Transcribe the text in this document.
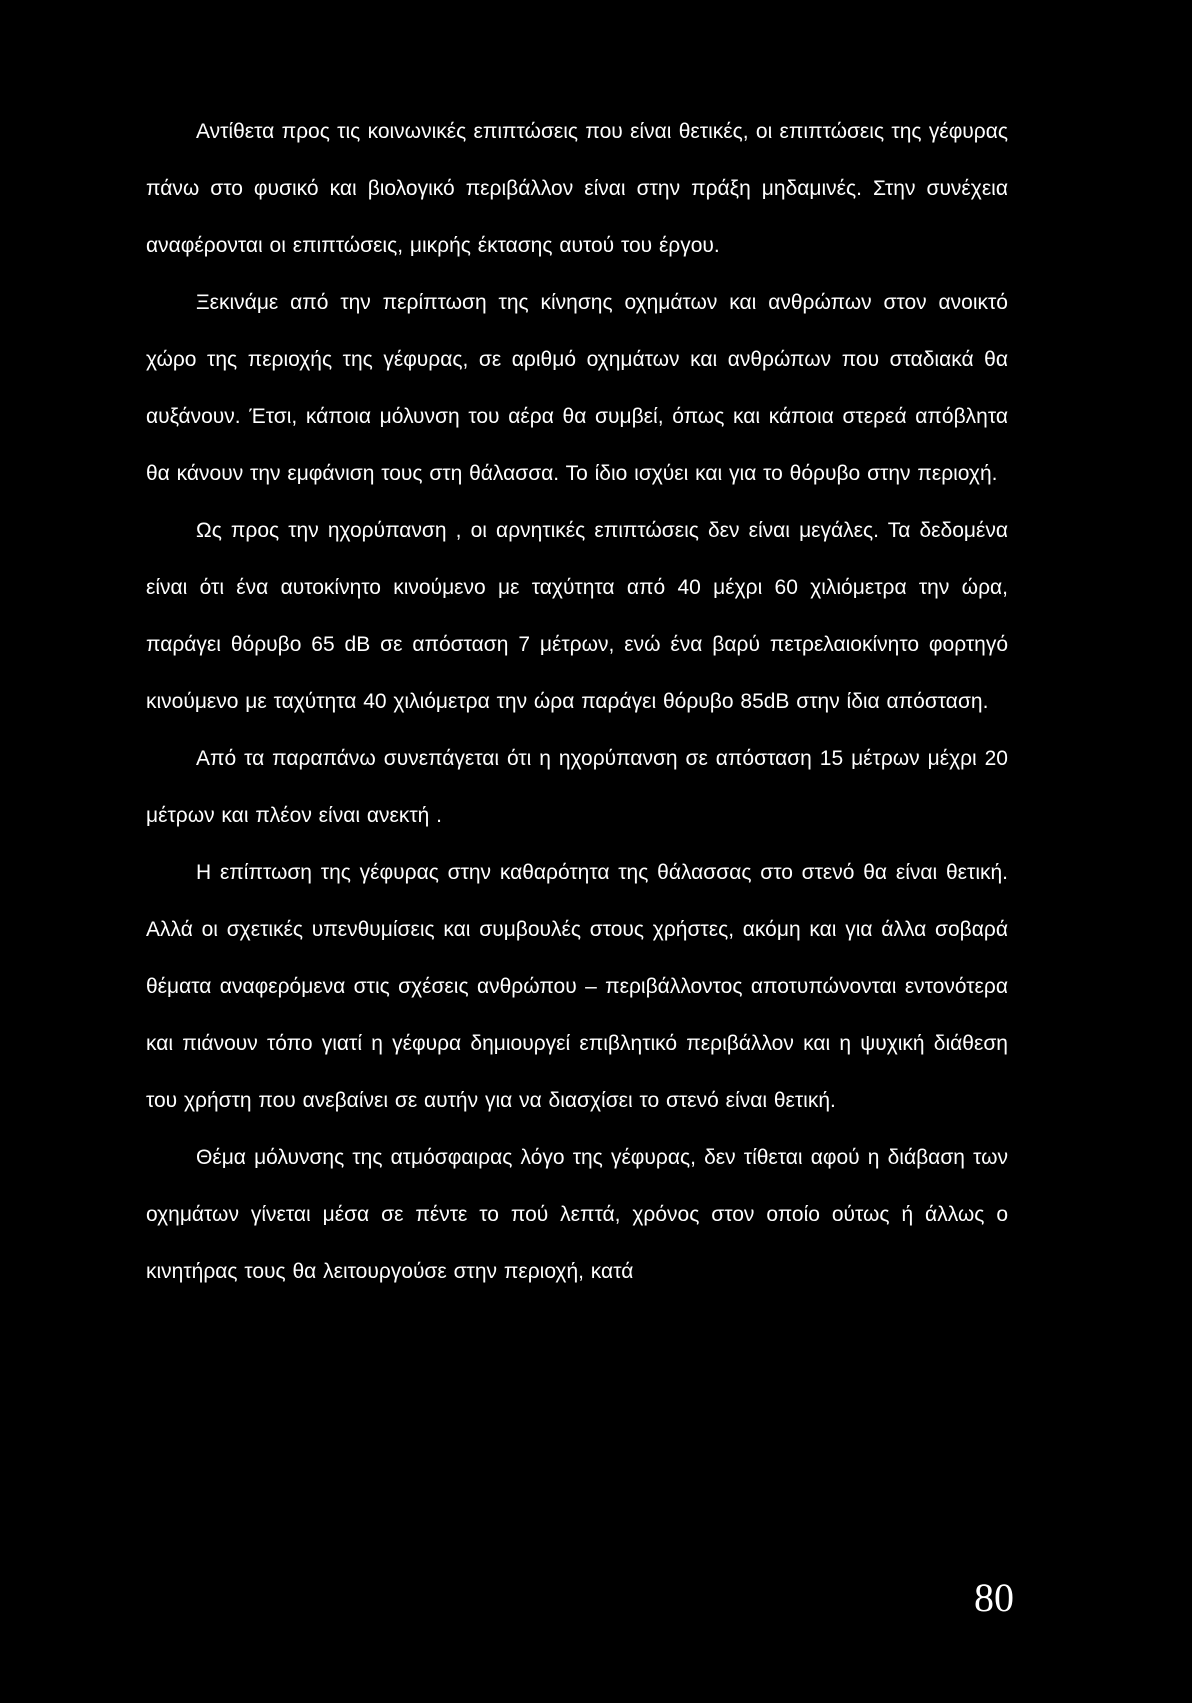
Αντίθετα προς τις κοινωνικές επιπτώσεις που είναι θετικές, οι επιπτώσεις της γέφυρας πάνω στο φυσικό και βιολογικό περιβάλλον είναι στην πράξη μηδαμινές. Στην συνέχεια αναφέρονται οι επιπτώσεις, μικρής έκτασης αυτού του έργου.

Ξεκινάμε από την περίπτωση της κίνησης οχημάτων και ανθρώπων στον ανοικτό χώρο της περιοχής της γέφυρας, σε αριθμό οχημάτων και ανθρώπων που σταδιακά θα αυξάνουν. Έτσι, κάποια μόλυνση του αέρα θα συμβεί, όπως και κάποια στερεά απόβλητα θα κάνουν την εμφάνιση τους στη θάλασσα. Το ίδιο ισχύει και για το θόρυβο στην περιοχή.

Ως προς την ηχορύπανση , οι αρνητικές επιπτώσεις δεν είναι μεγάλες. Τα δεδομένα είναι ότι ένα αυτοκίνητο κινούμενο με ταχύτητα από 40 μέχρι 60 χιλιόμετρα την ώρα, παράγει θόρυβο 65 dB σε απόσταση 7 μέτρων, ενώ ένα βαρύ πετρελαιοκίνητο φορτηγό κινούμενο με ταχύτητα 40 χιλιόμετρα την ώρα παράγει θόρυβο 85dB στην ίδια απόσταση.

Από τα παραπάνω συνεπάγεται ότι η ηχορύπανση σε απόσταση 15 μέτρων μέχρι 20 μέτρων και πλέον είναι ανεκτή .

Η επίπτωση της γέφυρας στην καθαρότητα της θάλασσας στο στενό θα είναι θετική. Αλλά οι σχετικές υπενθυμίσεις και συμβουλές στους χρήστες, ακόμη και για άλλα σοβαρά θέματα αναφερόμενα στις σχέσεις ανθρώπου – περιβάλλοντος αποτυπώνονται εντονότερα και πιάνουν τόπο γιατί η γέφυρα δημιουργεί επιβλητικό περιβάλλον και η ψυχική διάθεση του χρήστη που ανεβαίνει σε αυτήν για να διασχίσει το στενό είναι θετική.

Θέμα μόλυνσης της ατμόσφαιρας λόγο της γέφυρας, δεν τίθεται αφού η διάβαση των οχημάτων γίνεται μέσα σε πέντε το πού λεπτά, χρόνος στον οποίο ούτως ή άλλως ο κινητήρας τους θα λειτουργούσε στην περιοχή, κατά

80
